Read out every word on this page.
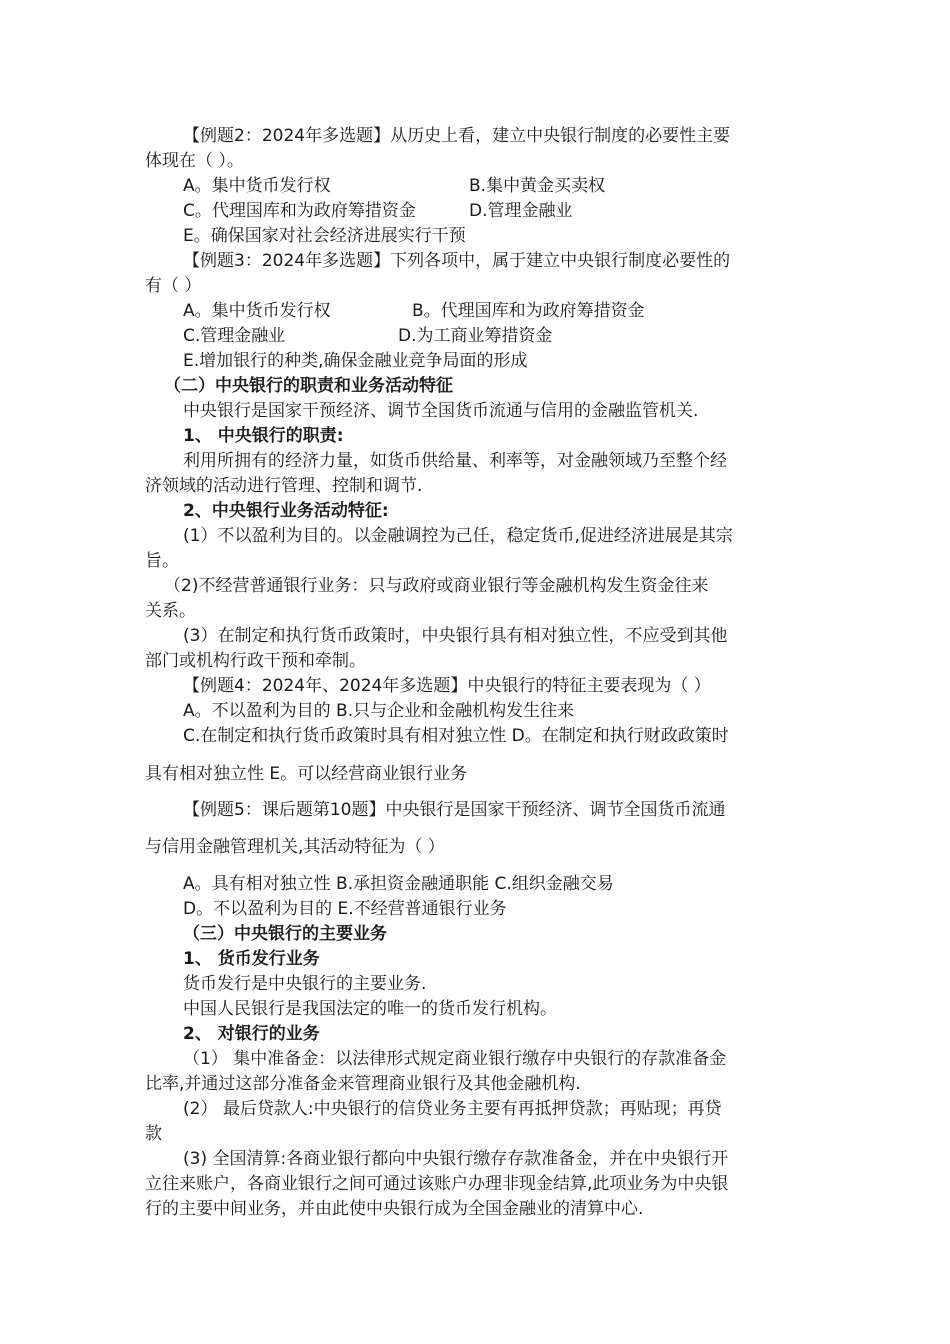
【例题2：2024年多选题】从历史上看，建立中央银行制度的必要性主要
体现在（ ）。
A。集中货币发行权	B.集中黄金买卖权
C。代理国库和为政府筹措资金	D.管理金融业
E。确保国家对社会经济进展实行干预
【例题3：2024年多选题】下列各项中，属于建立中央银行制度必要性的
有（ ）
A。集中货币发行权	B。代理国库和为政府筹措资金
C.管理金融业	D.为工商业筹措资金
E.增加银行的种类,确保金融业竞争局面的形成
（二）中央银行的职责和业务活动特征
中央银行是国家干预经济、调节全国货币流通与信用的金融监管机关.
1、 中央银行的职责:
利用所拥有的经济力量，如货币供给量、利率等，对金融领域乃至整个经
济领域的活动进行管理、控制和调节.
2、中央银行业务活动特征:
(1）不以盈利为目的。以金融调控为己任，稳定货币,促进经济进展是其宗
旨。
（2)不经营普通银行业务：只与政府或商业银行等金融机构发生资金往来
关系。
(3）在制定和执行货币政策时，中央银行具有相对独立性，不应受到其他
部门或机构行政干预和牵制。
【例题4：2024年、2024年多选题】中央银行的特征主要表现为（ ）
A。不以盈利为目的 B.只与企业和金融机构发生往来
C.在制定和执行货币政策时具有相对独立性 D。在制定和执行财政政策时
具有相对独立性 E。可以经营商业银行业务
【例题5：课后题第10题】中央银行是国家干预经济、调节全国货币流通
与信用金融管理机关,其活动特征为（ ）
A。具有相对独立性 B.承担资金融通职能 C.组织金融交易
D。不以盈利为目的 E.不经营普通银行业务
（三）中央银行的主要业务
1、 货币发行业务
货币发行是中央银行的主要业务.
中国人民银行是我国法定的唯一的货币发行机构。
2、 对银行的业务
（1） 集中准备金：以法律形式规定商业银行缴存中央银行的存款准备金
比率,并通过这部分准备金来管理商业银行及其他金融机构.
(2） 最后贷款人:中央银行的信贷业务主要有再抵押贷款；再贴现；再贷
款
(3) 全国清算:各商业银行都向中央银行缴存存款准备金，并在中央银行开
立往来账户，各商业银行之间可通过该账户办理非现金结算,此项业务为中央银
行的主要中间业务，并由此使中央银行成为全国金融业的清算中心.
